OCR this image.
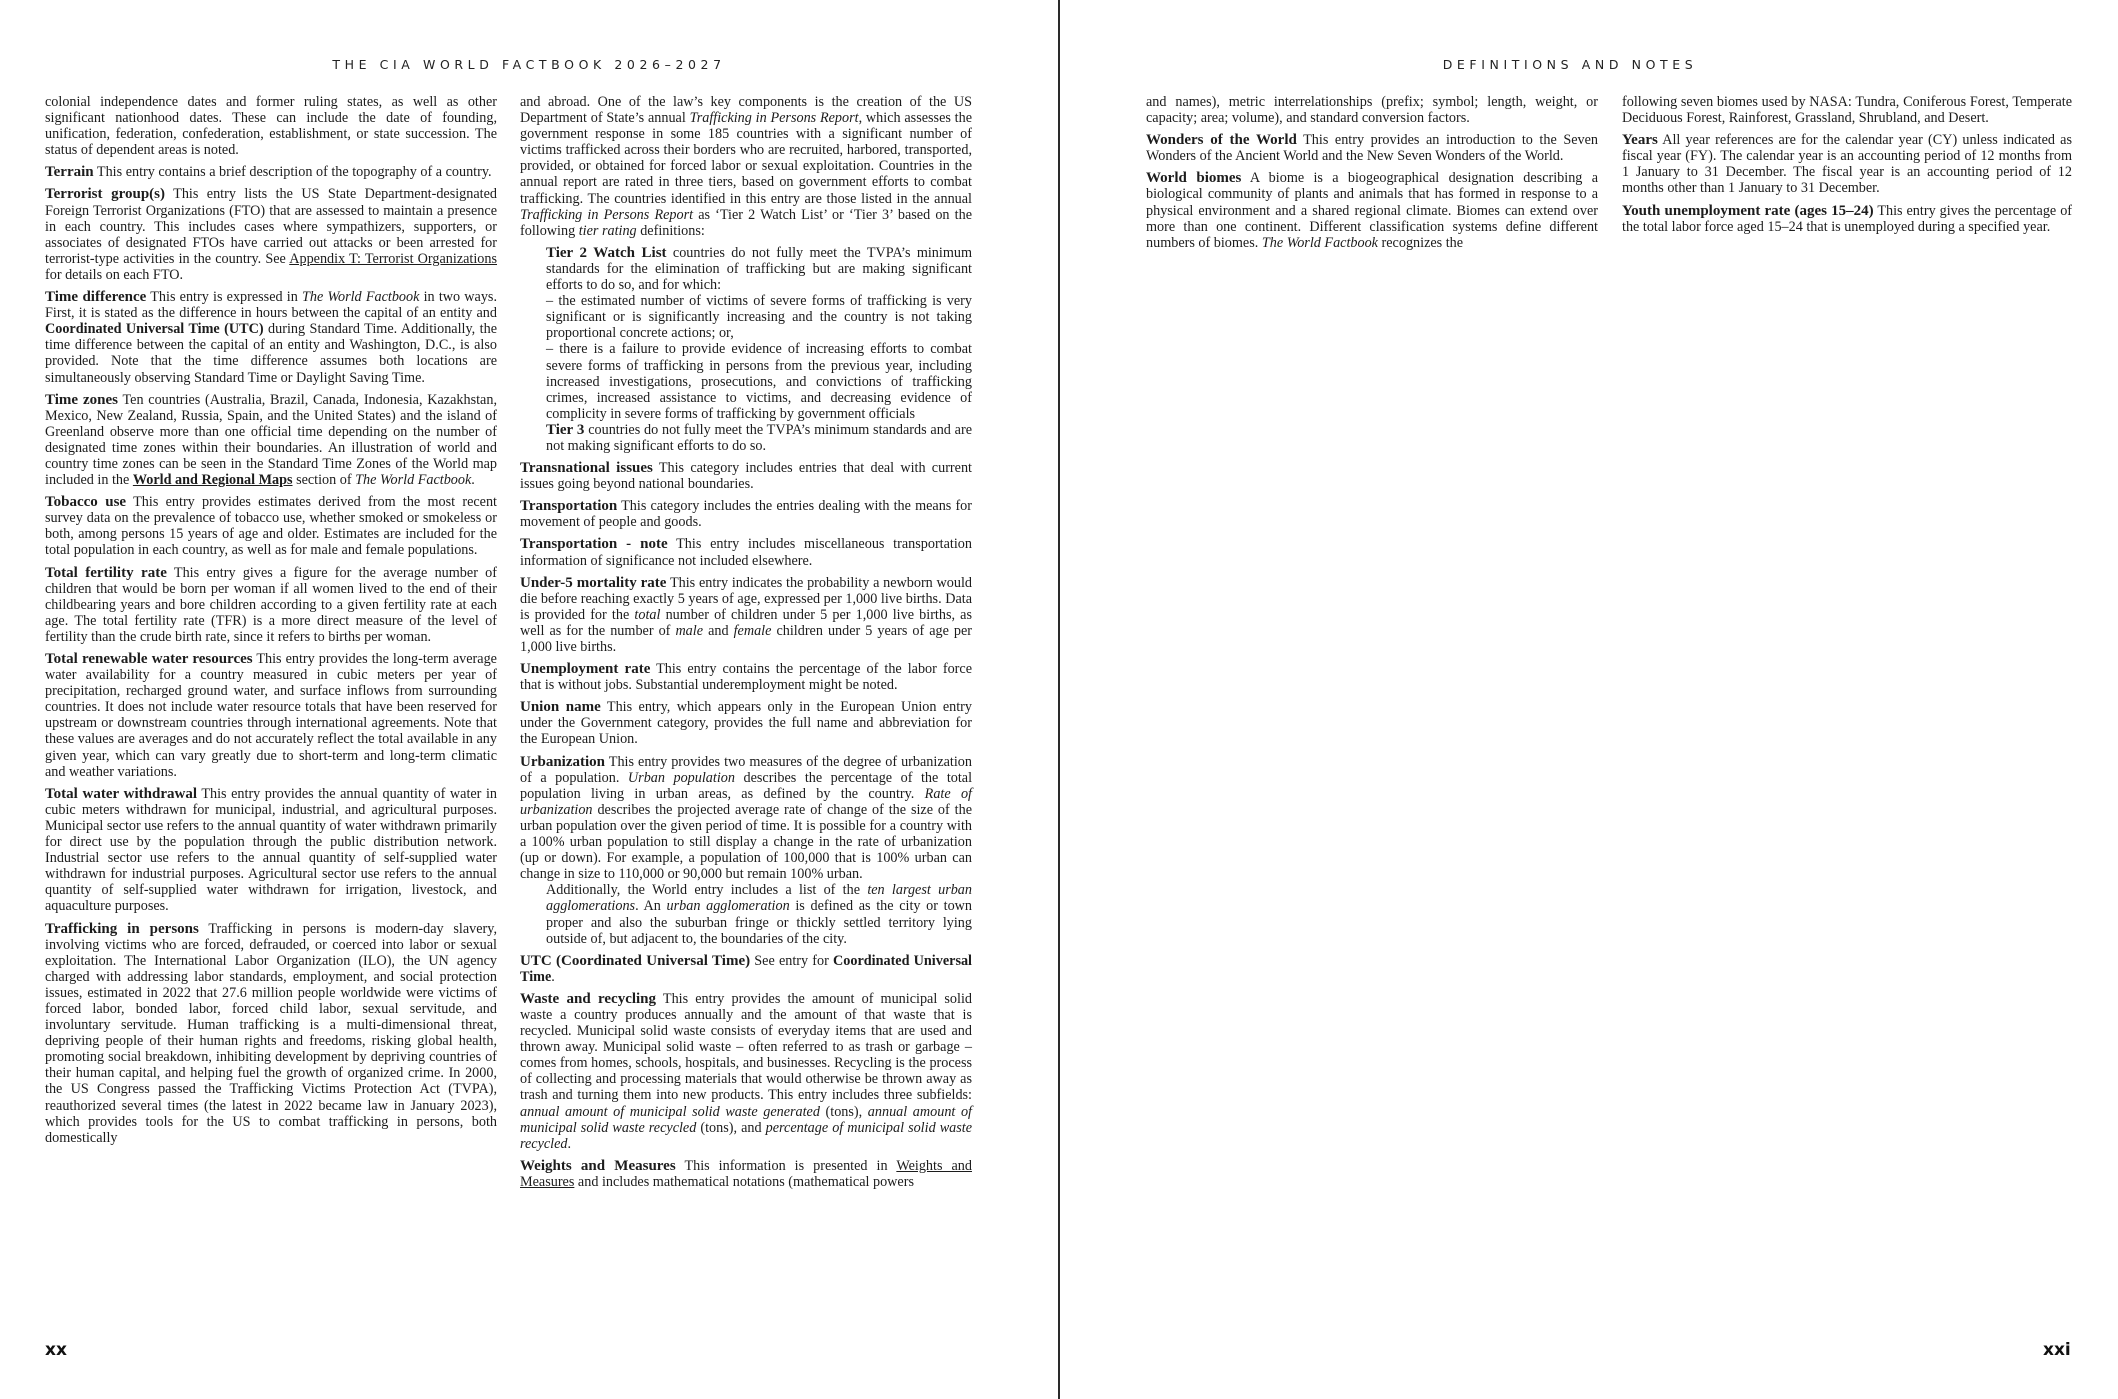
THE CIA WORLD FACTBOOK 2026–2027

colonial independence dates and former ruling states, as well as other significant nationhood dates. These can include the date of founding, unification, federation, confederation, establishment, or state succession. The status of dependent areas is noted.

Terrain This entry contains a brief description of the topography of a country.

Terrorist group(s) This entry lists the US State Department-designated Foreign Terrorist Organizations (FTO) that are assessed to maintain a presence in each country. This includes cases where sympathizers, supporters, or associates of designated FTOs have carried out attacks or been arrested for terrorist-type activities in the country. See Appendix T: Terrorist Organizations for details on each FTO.

Time difference This entry is expressed in The World Factbook in two ways. First, it is stated as the difference in hours between the capital of an entity and Coordinated Universal Time (UTC) during Standard Time. Additionally, the time difference between the capital of an entity and Washington, D.C., is also provided. Note that the time difference assumes both locations are simultaneously observing Standard Time or Daylight Saving Time.

Time zones Ten countries (Australia, Brazil, Canada, Indonesia, Kazakhstan, Mexico, New Zealand, Russia, Spain, and the United States) and the island of Greenland observe more than one official time depending on the number of designated time zones within their boundaries. An illustration of world and country time zones can be seen in the Standard Time Zones of the World map included in the World and Regional Maps section of The World Factbook.

Tobacco use This entry provides estimates derived from the most recent survey data on the prevalence of tobacco use, whether smoked or smokeless or both, among persons 15 years of age and older. Estimates are included for the total population in each country, as well as for male and female populations.

Total fertility rate This entry gives a figure for the average number of children that would be born per woman if all women lived to the end of their childbearing years and bore children according to a given fertility rate at each age. The total fertility rate (TFR) is a more direct measure of the level of fertility than the crude birth rate, since it refers to births per woman.

Total renewable water resources This entry provides the long-term average water availability for a country measured in cubic meters per year of precipitation, recharged ground water, and surface inflows from surrounding countries. It does not include water resource totals that have been reserved for upstream or downstream countries through international agreements. Note that these values are averages and do not accurately reflect the total available in any given year, which can vary greatly due to short-term and long-term climatic and weather variations.

Total water withdrawal This entry provides the annual quantity of water in cubic meters withdrawn for municipal, industrial, and agricultural purposes. Municipal sector use refers to the annual quantity of water withdrawn primarily for direct use by the population through the public distribution network. Industrial sector use refers to the annual quantity of self-supplied water withdrawn for industrial purposes. Agricultural sector use refers to the annual quantity of self-supplied water withdrawn for irrigation, livestock, and aquaculture purposes.

Trafficking in persons Trafficking in persons is modern-day slavery, involving victims who are forced, defrauded, or coerced into labor or sexual exploitation. The International Labor Organization (ILO), the UN agency charged with addressing labor standards, employment, and social protection issues, estimated in 2022 that 27.6 million people worldwide were victims of forced labor, bonded labor, forced child labor, sexual servitude, and involuntary servitude. Human trafficking is a multi-dimensional threat, depriving people of their human rights and freedoms, risking global health, promoting social breakdown, inhibiting development by depriving countries of their human capital, and helping fuel the growth of organized crime. In 2000, the US Congress passed the Trafficking Victims Protection Act (TVPA), reauthorized several times (the latest in 2022 became law in January 2023), which provides tools for the US to combat trafficking in persons, both domestically

and abroad. One of the law’s key components is the creation of the US Department of State’s annual Trafficking in Persons Report, which assesses the government response in some 185 countries with a significant number of victims trafficked across their borders who are recruited, harbored, transported, provided, or obtained for forced labor or sexual exploitation. Countries in the annual report are rated in three tiers, based on government efforts to combat trafficking. The countries identified in this entry are those listed in the annual Trafficking in Persons Report as ‘Tier 2 Watch List’ or ‘Tier 3’ based on the following tier rating definitions:

Tier 2 Watch List countries do not fully meet the TVPA’s minimum standards for the elimination of trafficking but are making significant efforts to do so, and for which:

– the estimated number of victims of severe forms of trafficking is very significant or is significantly increasing and the country is not taking proportional concrete actions; or,

– there is a failure to provide evidence of increasing efforts to combat severe forms of trafficking in persons from the previous year, including increased investigations, prosecutions, and convictions of trafficking crimes, increased assistance to victims, and decreasing evidence of complicity in severe forms of trafficking by government officials

Tier 3 countries do not fully meet the TVPA’s minimum standards and are not making significant efforts to do so.

Transnational issues This category includes entries that deal with current issues going beyond national boundaries.

Transportation This category includes the entries dealing with the means for movement of people and goods.

Transportation - note This entry includes miscellaneous transportation information of significance not included elsewhere.

Under-5 mortality rate This entry indicates the probability a newborn would die before reaching exactly 5 years of age, expressed per 1,000 live births. Data is provided for the total number of children under 5 per 1,000 live births, as well as for the number of male and female children under 5 years of age per 1,000 live births.

Unemployment rate This entry contains the percentage of the labor force that is without jobs. Substantial underemployment might be noted.

Union name This entry, which appears only in the European Union entry under the Government category, provides the full name and abbreviation for the European Union.

Urbanization This entry provides two measures of the degree of urbanization of a population. Urban population describes the percentage of the total population living in urban areas, as defined by the country. Rate of urbanization describes the projected average rate of change of the size of the urban population over the given period of time. It is possible for a country with a 100% urban population to still display a change in the rate of urbanization (up or down). For example, a population of 100,000 that is 100% urban can change in size to 110,000 or 90,000 but remain 100% urban.

Additionally, the World entry includes a list of the ten largest urban agglomerations. An urban agglomeration is defined as the city or town proper and also the suburban fringe or thickly settled territory lying outside of, but adjacent to, the boundaries of the city.

UTC (Coordinated Universal Time) See entry for Coordinated Universal Time.

Waste and recycling This entry provides the amount of municipal solid waste a country produces annually and the amount of that waste that is recycled. Municipal solid waste consists of everyday items that are used and thrown away. Municipal solid waste – often referred to as trash or garbage – comes from homes, schools, hospitals, and businesses. Recycling is the process of collecting and processing materials that would otherwise be thrown away as trash and turning them into new products. This entry includes three subfields: annual amount of municipal solid waste generated (tons), annual amount of municipal solid waste recycled (tons), and percentage of municipal solid waste recycled.

Weights and Measures This information is presented in Weights and Measures and includes mathematical notations (mathematical powers

xx
DEFINITIONS AND NOTES

and names), metric interrelationships (prefix; symbol; length, weight, or capacity; area; volume), and standard conversion factors.

Wonders of the World This entry provides an introduction to the Seven Wonders of the Ancient World and the New Seven Wonders of the World.

World biomes A biome is a biogeographical designation describing a biological community of plants and animals that has formed in response to a physical environment and a shared regional climate. Biomes can extend over more than one continent. Different classification systems define different numbers of biomes. The World Factbook recognizes the

following seven biomes used by NASA: Tundra, Coniferous Forest, Temperate Deciduous Forest, Rainforest, Grassland, Shrubland, and Desert.

Years All year references are for the calendar year (CY) unless indicated as fiscal year (FY). The calendar year is an accounting period of 12 months from 1 January to 31 December. The fiscal year is an accounting period of 12 months other than 1 January to 31 December.

Youth unemployment rate (ages 15–24) This entry gives the percentage of the total labor force aged 15–24 that is unemployed during a specified year.

xxi
